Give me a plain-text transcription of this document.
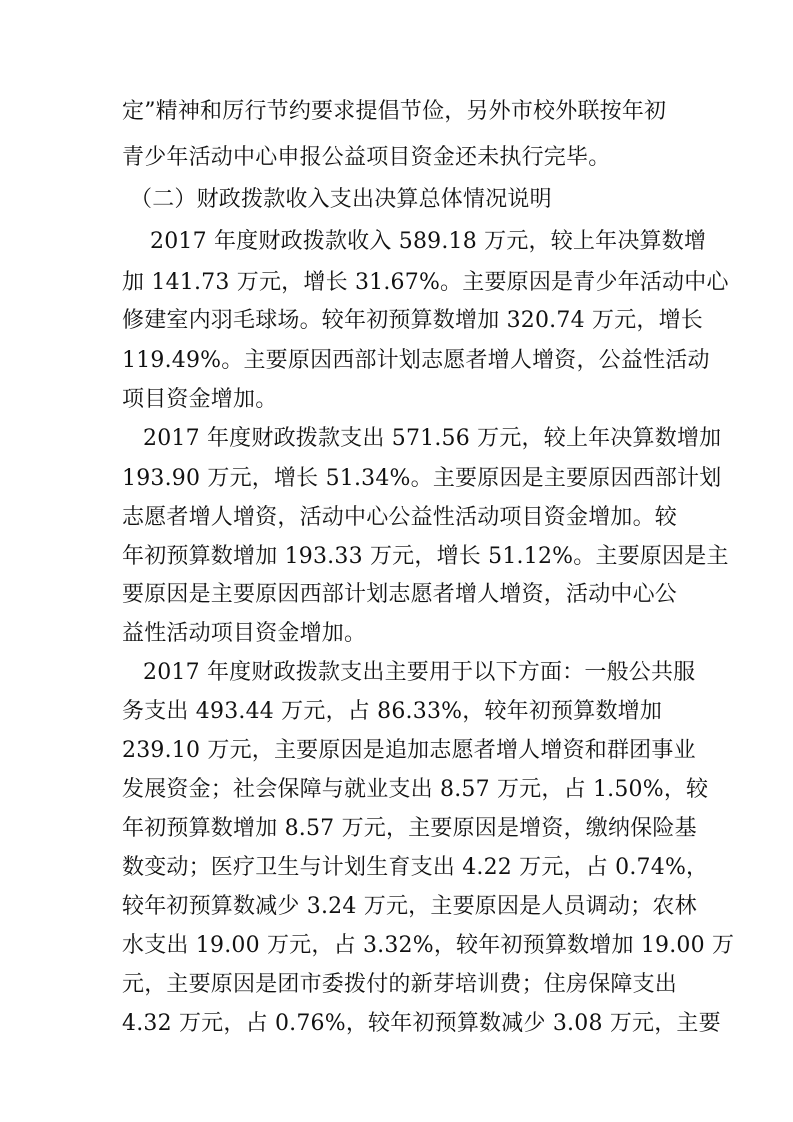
定”精神和厉行节约要求提倡节俭，另外市校外联按年初
青少年活动中心申报公益项目资金还未执行完毕。
（二）财政拨款收入支出决算总体情况说明
2017 年度财政拨款收入 589.18 万元，较上年决算数增
加 141.73 万元，增长 31.67%。主要原因是青少年活动中心
修建室内羽毛球场。较年初预算数增加 320.74 万元，增长
119.49%。主要原因西部计划志愿者增人增资，公益性活动
项目资金增加。
2017 年度财政拨款支出 571.56 万元，较上年决算数增加
193.90 万元，增长 51.34%。主要原因是主要原因西部计划
志愿者增人增资，活动中心公益性活动项目资金增加。较
年初预算数增加 193.33 万元，增长 51.12%。主要原因是主
要原因是主要原因西部计划志愿者增人增资，活动中心公
益性活动项目资金增加。
2017 年度财政拨款支出主要用于以下方面：一般公共服
务支出 493.44 万元，占 86.33%，较年初预算数增加
239.10 万元，主要原因是追加志愿者增人增资和群团事业
发展资金；社会保障与就业支出 8.57 万元，占 1.50%，较
年初预算数增加 8.57 万元，主要原因是增资，缴纳保险基
数变动；医疗卫生与计划生育支出 4.22 万元，占 0.74%，
较年初预算数减少 3.24 万元，主要原因是人员调动；农林
水支出 19.00 万元，占 3.32%，较年初预算数增加 19.00 万
元，主要原因是团市委拨付的新芽培训费；住房保障支出
4.32 万元，占 0.76%，较年初预算数减少 3.08 万元，主要
